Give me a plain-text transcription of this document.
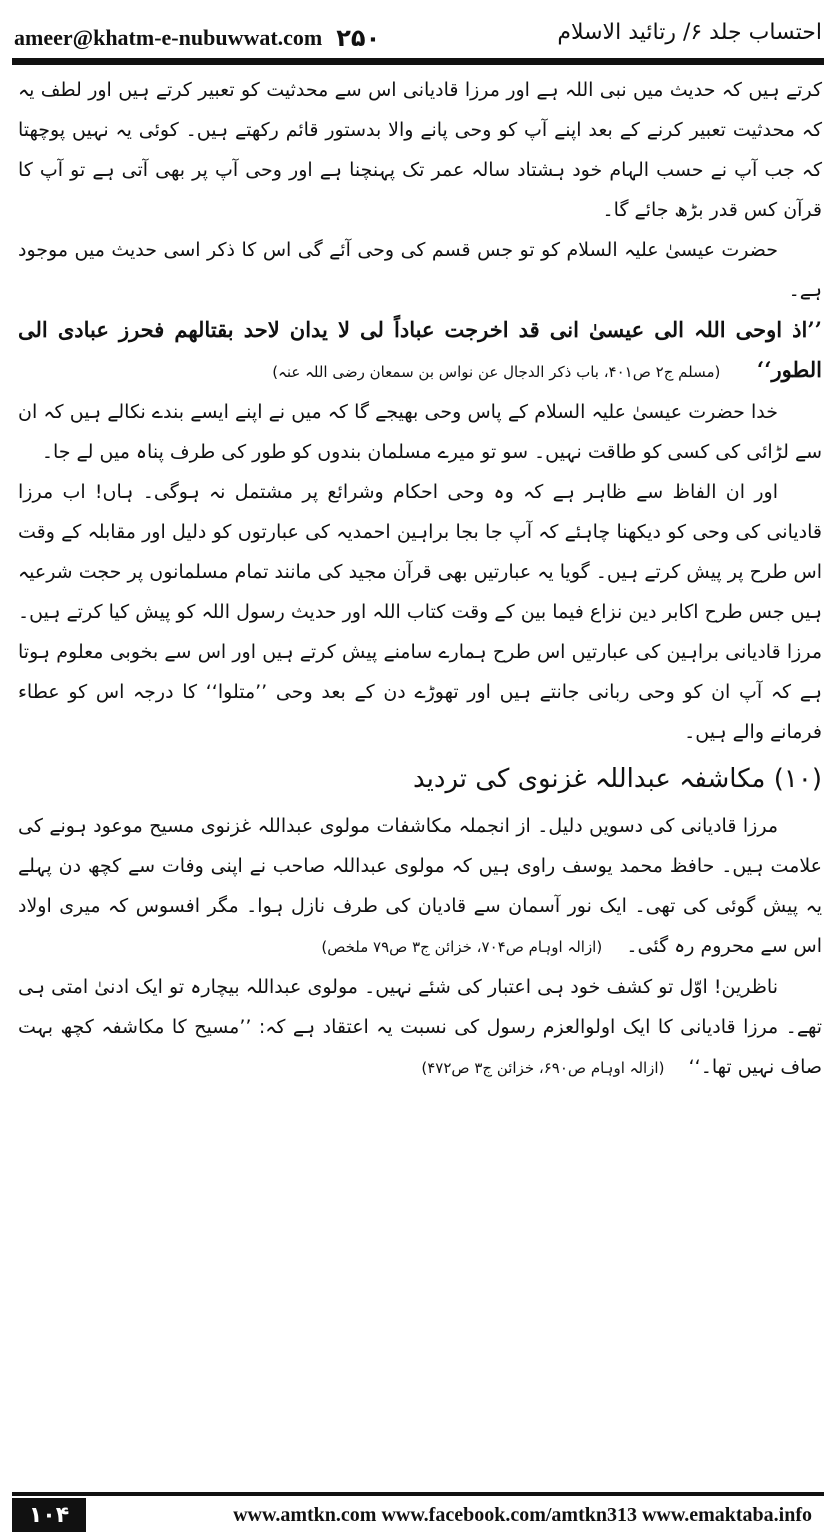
ameer@khatm-e-nubuwwat.com ۲۵۰	احتساب جلد ۶/ رتائید الاسلام

کرتے ہیں کہ حدیث میں نبی اللہ ہے اور مرزا قادیانی اس سے محدثیت کو تعبیر کرتے ہیں اور لطف یہ کہ محدثیت تعبیر کرنے کے بعد اپنے آپ کو وحی پانے والا بدستور قائم رکھتے ہیں۔ کوئی یہ نہیں پوچھتا کہ جب آپ نے حسب الہام خود ہشتاد سالہ عمر تک پہنچنا ہے اور وحی آپ پر بھی آتی ہے تو آپ کا قرآن کس قدر بڑھ جائے گا۔

حضرت عیسیٰ علیہ السلام کو تو جس قسم کی وحی آئے گی اس کا ذکر اسی حدیث میں موجود ہے۔

’’اذ اوحی اللہ الی عیسیٰ انی قد اخرجت عباداً لی لا یدان لاحد بقتالھم فحرز عبادی الی الطور‘‘     (مسلم ج۲ ص۴۰۱، باب ذکر الدجال عن نواس بن سمعان رضی اللہ عنہ)

خدا حضرت عیسیٰ علیہ السلام کے پاس وحی بھیجے گا کہ میں نے اپنے ایسے بندے نکالے ہیں کہ ان سے لڑائی کی کسی کو طاقت نہیں۔ سو تو میرے مسلمان بندوں کو طور کی طرف پناہ میں لے جا۔

اور ان الفاظ سے ظاہر ہے کہ وہ وحی احکام وشرائع پر مشتمل نہ ہوگی۔ ہاں! اب مرزا قادیانی کی وحی کو دیکھنا چاہئے کہ آپ جا بجا براہین احمدیہ کی عبارتوں کو دلیل اور مقابلہ کے وقت اس طرح پر پیش کرتے ہیں۔ گویا یہ عبارتیں بھی قرآن مجید کی مانند تمام مسلمانوں پر حجت شرعیہ ہیں جس طرح اکابر دین نزاع فیما بین کے وقت کتاب اللہ اور حدیث رسول اللہ کو پیش کیا کرتے ہیں۔ مرزا قادیانی براہین کی عبارتیں اس طرح ہمارے سامنے پیش کرتے ہیں اور اس سے بخوبی معلوم ہوتا ہے کہ آپ ان کو وحی ربانی جانتے ہیں اور تھوڑے دن کے بعد وحی ’’متلوا‘‘ کا درجہ اس کو عطاء فرمانے والے ہیں۔

(۱۰) مکاشفہ عبداللہ غزنوی کی تردید

مرزا قادیانی کی دسویں دلیل۔ از انجملہ مکاشفات مولوی عبداللہ غزنوی مسیح موعود ہونے کی علامت ہیں۔ حافظ محمد یوسف راوی ہیں کہ مولوی عبداللہ صاحب نے اپنی وفات سے کچھ دن پہلے یہ پیش گوئی کی تھی۔ ایک نور آسمان سے قادیان کی طرف نازل ہوا۔ مگر افسوس کہ میری اولاد اس سے محروم رہ گئی۔    (ازالہ اوہام ص۷۰۴، خزائن ج۳ ص۷۹ ملخص)

ناظرین! اوّل تو کشف خود ہی اعتبار کی شئے نہیں۔ مولوی عبداللہ بیچارہ تو ایک ادنیٰ امتی ہی تھے۔ مرزا قادیانی کا ایک اولوالعزم رسول کی نسبت یہ اعتقاد ہے کہ: ’’مسیح کا مکاشفہ کچھ بہت صاف نہیں تھا۔‘‘    (ازالہ اوہام ص۶۹۰، خزائن ج۳ ص۴۷۲)

۱۰۴	www.amtkn.com www.facebook.com/amtkn313 www.emaktaba.info
